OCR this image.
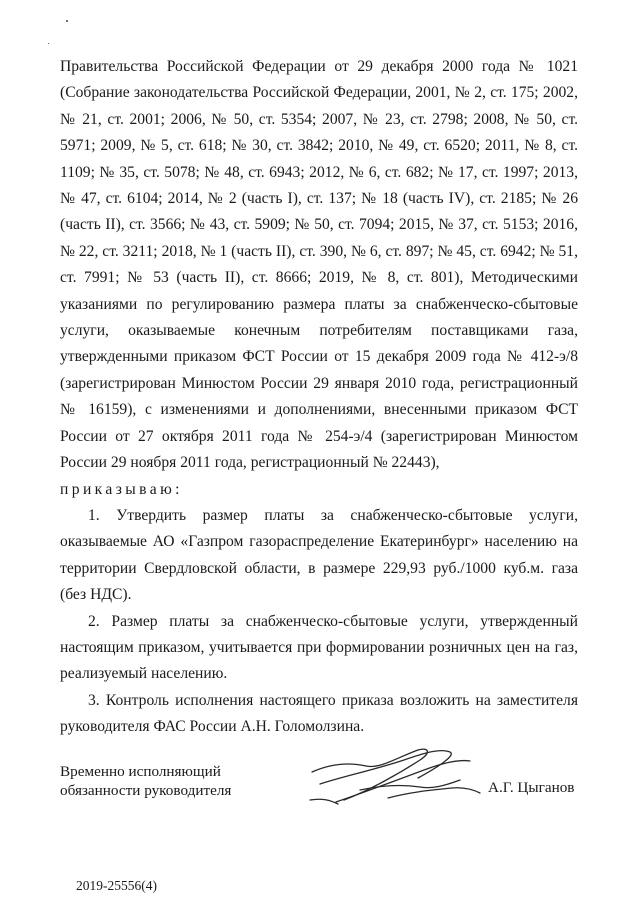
Правительства Российской Федерации от 29 декабря 2000 года № 1021 (Собрание законодательства Российской Федерации, 2001, № 2, ст. 175; 2002, № 21, ст. 2001; 2006, № 50, ст. 5354; 2007, № 23, ст. 2798; 2008, № 50, ст. 5971; 2009, № 5, ст. 618; № 30, ст. 3842; 2010, № 49, ст. 6520; 2011, № 8, ст. 1109; № 35, ст. 5078; № 48, ст. 6943; 2012, № 6, ст. 682; № 17, ст. 1997; 2013, № 47, ст. 6104; 2014, № 2 (часть I), ст. 137; № 18 (часть IV), ст. 2185; № 26 (часть II), ст. 3566; № 43, ст. 5909; № 50, ст. 7094; 2015, № 37, ст. 5153; 2016, № 22, ст. 3211; 2018, № 1 (часть II), ст. 390, № 6, ст. 897; № 45, ст. 6942; № 51, ст. 7991; № 53 (часть II), ст. 8666; 2019, № 8, ст. 801), Методическими указаниями по регулированию размера платы за снабженческо-сбытовые услуги, оказываемые конечным потребителям поставщиками газа, утвержденными приказом ФСТ России от 15 декабря 2009 года № 412-э/8 (зарегистрирован Минюстом России 29 января 2010 года, регистрационный № 16159), с изменениями и дополнениями, внесенными приказом ФСТ России от 27 октября 2011 года № 254-э/4 (зарегистрирован Минюстом России 29 ноября 2011 года, регистрационный № 22443),

приказываю:

1. Утвердить размер платы за снабженческо-сбытовые услуги, оказываемые АО «Газпром газораспределение Екатеринбург» населению на территории Свердловской области, в размере 229,93 руб./1000 куб.м. газа (без НДС).

2. Размер платы за снабженческо-сбытовые услуги, утвержденный настоящим приказом, учитывается при формировании розничных цен на газ, реализуемый населению.

3. Контроль исполнения настоящего приказа возложить на заместителя руководителя ФАС России А.Н. Голомолзина.

Временно исполняющий
обязанности руководителя	А.Г. Цыганов
2019-25556(4)
